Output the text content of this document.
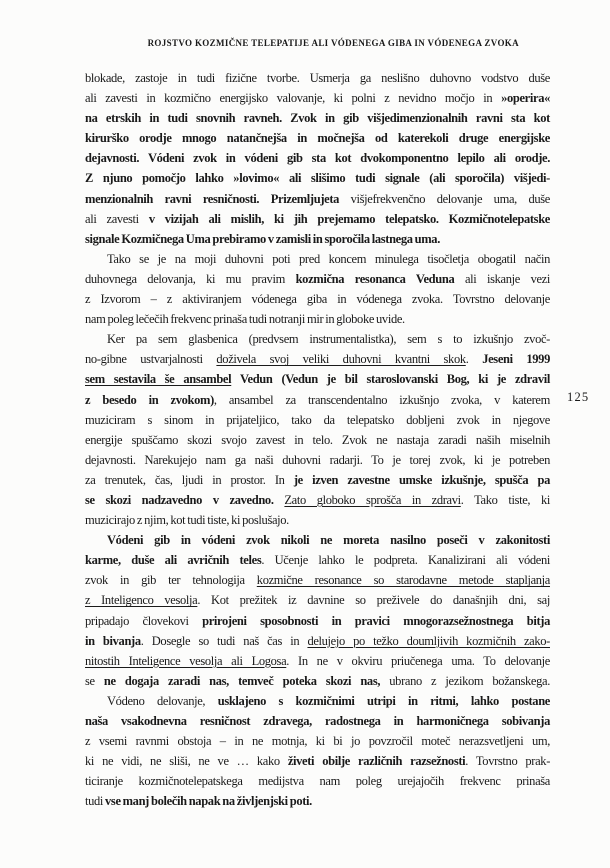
ROJSTVO KOZMIČNE TELEPATIJE ALI VÓDENEGA GIBA IN VÓDENEGA ZVOKA
125
blokade, zastoje in tudi fizične tvorbe. Usmerja ga neslišno duhovno vodstvo duše
ali zavesti in kozmično energijsko valovanje, ki polni z nevidno močjo in »operira«
na etrskih in tudi snovnih ravneh. Zvok in gib višjedimenzionalnih ravni sta kot
kirurško orodje mnogo natančnejša in močnejša od katerekoli druge energijske
dejavnosti. Vódeni zvok in vódeni gib sta kot dvokomponentno lepilo ali orodje.
Z njuno pomočjo lahko »lovimo« ali slišimo tudi signale (ali sporočila) višjedi-
menzionalnih ravni resničnosti. Prizemljujeta višjefrekvenčno delovanje uma, duše
ali zavesti v vizijah ali mislih, ki jih prejemamo telepatsko. Kozmičnotelepatske
signale Kozmičnega Uma prebiramo v zamisli in sporočila lastnega uma.
Tako se je na moji duhovni poti pred koncem minulega tisočletja obogatil način
duhovnega delovanja, ki mu pravim kozmična resonanca Veduna ali iskanje vezi
z Izvorom – z aktiviranjem vódenega giba in vódenega zvoka. Tovrstno delovanje
nam poleg lečečih frekvenc prinaša tudi notranji mir in globoke uvide.
Ker pa sem glasbenica (predvsem instrumentalistka), sem s to izkušnjo zvoč-
no-gibne ustvarjalnosti doživela svoj veliki duhovni kvantni skok. Jeseni 1999
sem sestavila še ansambel Vedun (Vedun je bil staroslovanski Bog, ki je zdravil
z besedo in zvokom), ansambel za transcendentalno izkušnjo zvoka, v katerem
muziciram s sinom in prijateljico, tako da telepatsko dobljeni zvok in njegove
energije spuščamo skozi svojo zavest in telo. Zvok ne nastaja zaradi naših miselnih
dejavnosti. Narekujejo nam ga naši duhovni radarji. To je torej zvok, ki je potreben
za trenutek, čas, ljudi in prostor. In je izven zavestne umske izkušnje, spušča pa
se skozi nadzavedno v zavedno. Zato globoko sprošča in zdravi. Tako tiste, ki
muzicirajo z njim, kot tudi tiste, ki poslušajo.
Vódeni gib in vódeni zvok nikoli ne moreta nasilno poseči v zakonitosti
karme, duše ali avričnih teles. Učenje lahko le podpreta. Kanalizirani ali vódeni
zvok in gib ter tehnologija kozmične resonance so starodavne metode stapljanja
z Inteligenco vesolja. Kot prežitek iz davnine so preživele do današnjih dni, saj
pripadajo človekovi prirojeni sposobnosti in pravici mnogorazsežnostnega bitja
in bivanja. Dosegle so tudi naš čas in delujejo po težko doumljivih kozmičnih zako-
nitostih Inteligence vesolja ali Logosa. In ne v okviru priučenega uma. To delovanje
se ne dogaja zaradi nas, temveč poteka skozi nas, ubrano z jezikom božanskega.
Vódeno delovanje, usklajeno s kozmičnimi utripi in ritmi, lahko postane
naša vsakodnevna resničnost zdravega, radostnega in harmoničnega sobivanja
z vsemi ravnmi obstoja – in ne motnja, ki bi jo povzročil moteč nerazsvetljeni um,
ki ne vidi, ne sliši, ne ve … kako živeti obilje različnih razsežnosti. Tovrstno prak-
ticiranje kozmičnotelepatskega medijstva nam poleg urejajočih frekvenc prinaša
tudi vse manj bolečih napak na življenjski poti.
